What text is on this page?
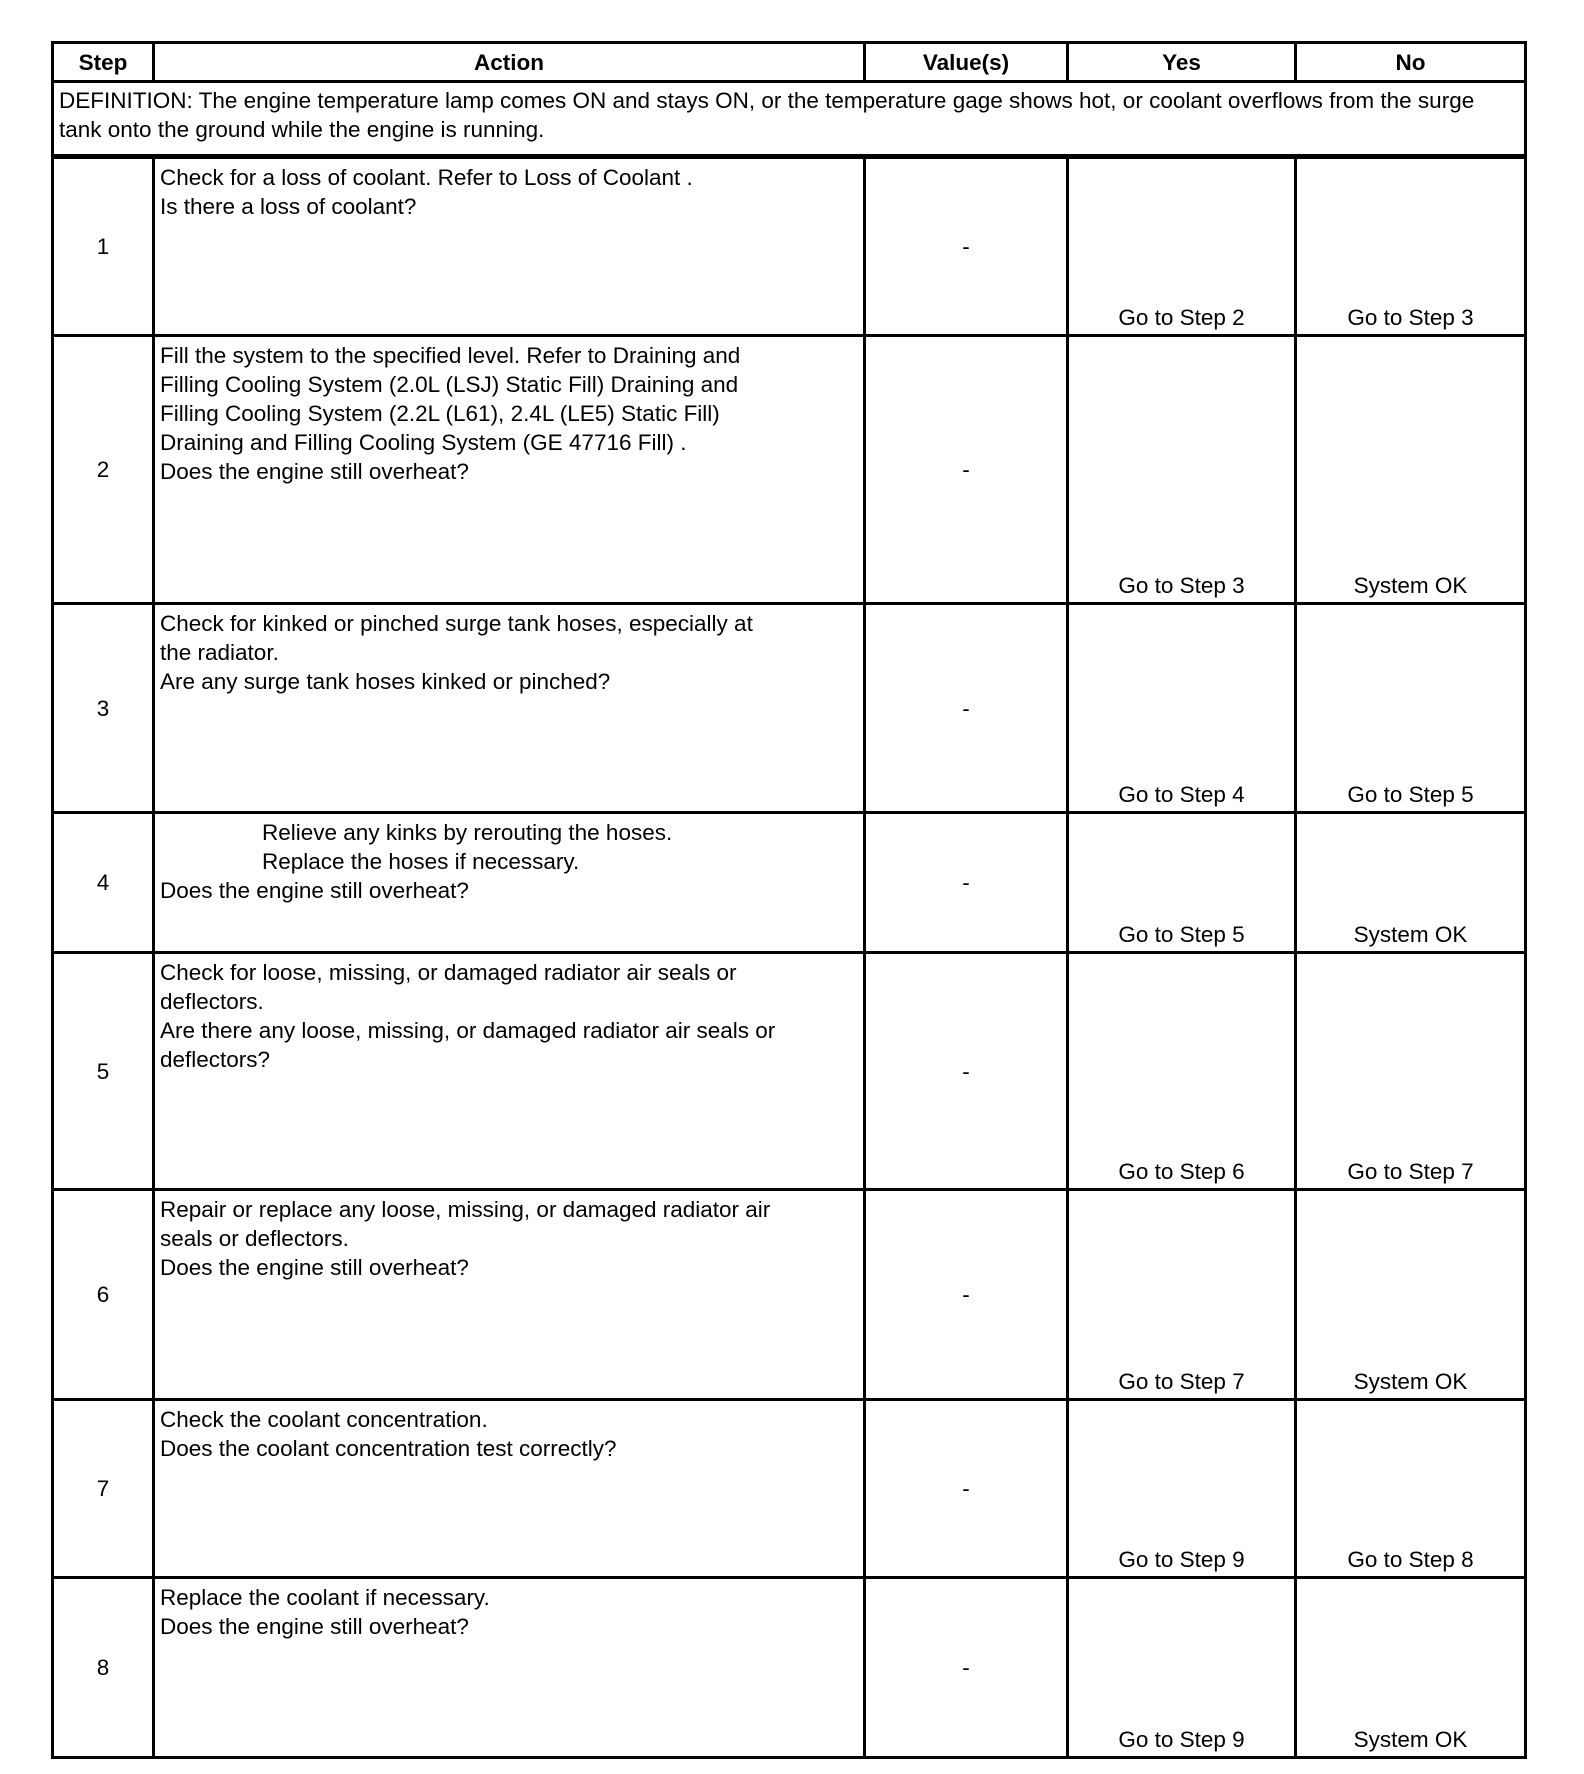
Step	Action	Value(s)	Yes	No
DEFINITION: The engine temperature lamp comes ON and stays ON, or the temperature gage shows hot, or coolant overflows from the surge tank onto the ground while the engine is running.				
1	Check for a loss of coolant. Refer to Loss of Coolant .
Is there a loss of coolant?	-	Go to Step 2	Go to Step 3
2	Fill the system to the specified level. Refer to Draining and
Filling Cooling System (2.0L (LSJ) Static Fill) Draining and
Filling Cooling System (2.2L (L61), 2.4L (LE5) Static Fill)
Draining and Filling Cooling System (GE 47716 Fill) .
Does the engine still overheat?	-	Go to Step 3	System OK
3	Check for kinked or pinched surge tank hoses, especially at
the radiator.
Are any surge tank hoses kinked or pinched?	-	Go to Step 4	Go to Step 5
4	Relieve any kinks by rerouting the hoses.
Replace the hoses if necessary.
Does the engine still overheat?	-	Go to Step 5	System OK
5	Check for loose, missing, or damaged radiator air seals or
deflectors.
Are there any loose, missing, or damaged radiator air seals or
deflectors?	-	Go to Step 6	Go to Step 7
6	Repair or replace any loose, missing, or damaged radiator air
seals or deflectors.
Does the engine still overheat?	-	Go to Step 7	System OK
7	Check the coolant concentration.
Does the coolant concentration test correctly?	-	Go to Step 9	Go to Step 8
8	Replace the coolant if necessary.
Does the engine still overheat?	-	Go to Step 9	System OK
